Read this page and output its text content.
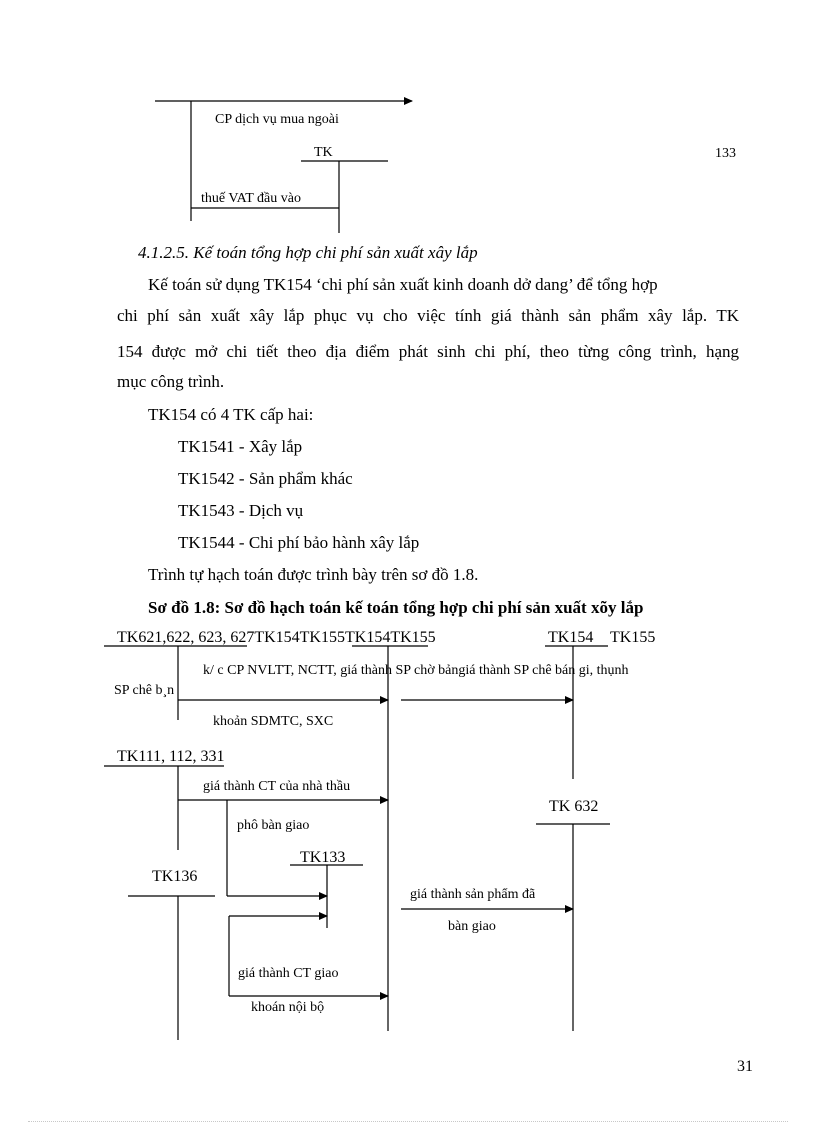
CP dịch vụ mua ngoài
TK	133
thuế VAT đầu vào
4.1.2.5. Kế toán tổng hợp chi phí sản xuất xây lắp
Kế toán sử dụng TK154 ‘chi phí sản xuất kinh doanh dở dang’ để tổng hợp
chi phí sản xuất xây lắp phục vụ cho việc tính giá thành sản phẩm xây lắp. TK
154 được mở chi tiết theo địa điểm phát sinh chi phí, theo từng công trình, hạng
mục công trình.
TK154 có 4 TK cấp hai:
TK1541 - Xây lắp
TK1542 - Sản phẩm khác
TK1543 - Dịch vụ
TK1544 - Chi phí bảo hành xây lắp
Trình tự hạch toán được trình bày trên sơ đồ 1.8.
Sơ đồ 1.8: Sơ đồ hạch toán kế toán tổng hợp chi phí sản xuất xõy lắp
TK621,622, 623, 627TK154TK155TK154TK155	TK154 TK155
k/ c CP NVLTT, NCTT, giá thành SP chờ bảngiá thành SP chê bán gi, thụnh
SP chê b¸n
khoản SDMTC, SXC
TK111, 112, 331
giá thành CT của nhà thầu
TK 632
phô bàn giao
TK133
TK136
giá thành sản phẩm đã
bàn giao
giá thành CT giao
khoán nội bộ
31
